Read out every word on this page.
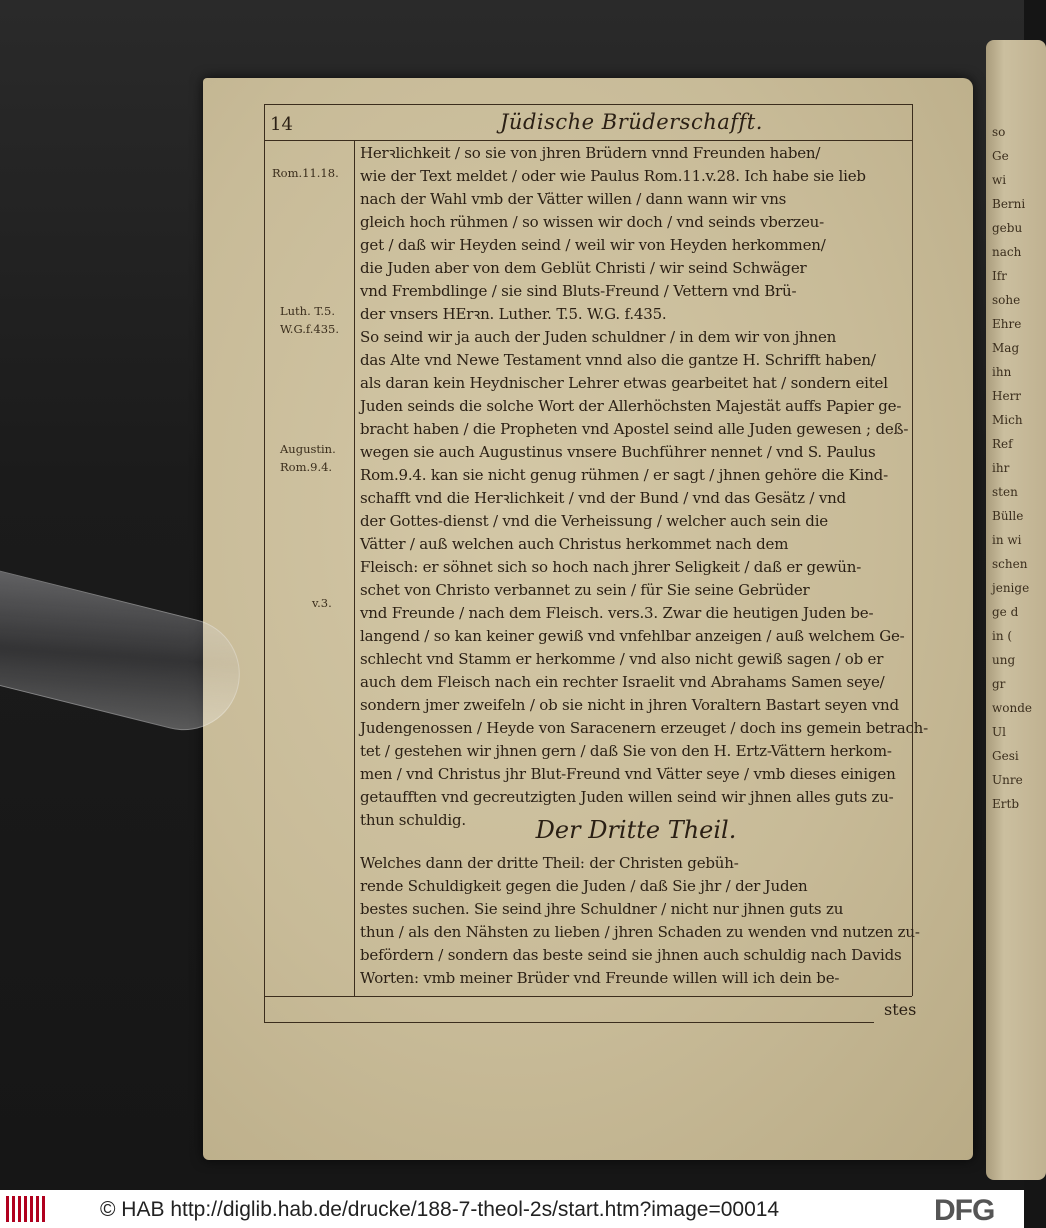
so
Ge
wi
Berni
gebu
nach
Ifr
sohe
Ehre
Mag
ihn
Herr
Mich
Ref
ihr
sten
Bülle
in wi
schen
jenige
ge d
in (
ung
gr
wonde
Ul
Gesi
Unre
Ertb
14	Jüdische Brüderschafft.
Rom.11.18.
Luth. T.5.
W.G.f.435.
Augustin.
Rom.9.4.
v.3.
Herꝛlichkeit / so sie von jhren Brüdern vnnd Freunden haben/
wie der Text meldet / oder wie Paulus Rom.11.v.28. Ich habe sie lieb
nach der Wahl vmb der Vätter willen / dann wann wir vns
gleich hoch rühmen / so wissen wir doch / vnd seinds vberzeu-
get / daß wir Heyden seind / weil wir von Heyden herkommen/
die Juden aber von dem Geblüt Christi / wir seind Schwäger
vnd Frembdlinge / sie sind Bluts-Freund / Vettern vnd Brü-
der vnsers HErꝛn. Luther. T.5. W.G. f.435.
So seind wir ja auch der Juden schuldner / in dem wir von jhnen
das Alte vnd Newe Testament vnnd also die gantze H. Schrifft haben/
als daran kein Heydnischer Lehrer etwas gearbeitet hat / sondern eitel
Juden seinds die solche Wort der Allerhöchsten Majestät auffs Papier ge-
bracht haben / die Propheten vnd Apostel seind alle Juden gewesen ; deß-
wegen sie auch Augustinus vnsere Buchführer nennet / vnd S. Paulus
Rom.9.4. kan sie nicht genug rühmen / er sagt / jhnen gehöre die Kind-
schafft vnd die Herꝛlichkeit / vnd der Bund / vnd das Gesätz / vnd
der Gottes-dienst / vnd die Verheissung / welcher auch sein die
Vätter / auß welchen auch Christus herkommet nach dem
Fleisch: er söhnet sich so hoch nach jhrer Seligkeit / daß er gewün-
schet von Christo verbannet zu sein / für Sie seine Gebrüder
vnd Freunde / nach dem Fleisch. vers.3. Zwar die heutigen Juden be-
langend / so kan keiner gewiß vnd vnfehlbar anzeigen / auß welchem Ge-
schlecht vnd Stamm er herkomme / vnd also nicht gewiß sagen / ob er
auch dem Fleisch nach ein rechter Israelit vnd Abrahams Samen seye/
sondern jmer zweifeln / ob sie nicht in jhren Voraltern Bastart seyen vnd
Judengenossen / Heyde von Saracenern erzeuget / doch ins gemein betrach-
tet / gestehen wir jhnen gern / daß Sie von den H. Ertz-Vättern herkom-
men / vnd Christus jhr Blut-Freund vnd Vätter seye / vmb dieses einigen
getaufften vnd gecreutzigten Juden willen seind wir jhnen alles guts zu-
thun schuldig.	Der Dritte Theil.
Welches dann der dritte Theil: der Christen gebüh-
rende Schuldigkeit gegen die Juden / daß Sie jhr / der Juden
bestes suchen. Sie seind jhre Schuldner / nicht nur jhnen guts zu
thun / als den Nähsten zu lieben / jhren Schaden zu wenden vnd nutzen zu-
befördern / sondern das beste seind sie jhnen auch schuldig nach Davids
Worten: vmb meiner Brüder vnd Freunde willen will ich dein be-
stes
© HAB http://diglib.hab.de/drucke/188-7-theol-2s/start.htm?image=00014	DFG
